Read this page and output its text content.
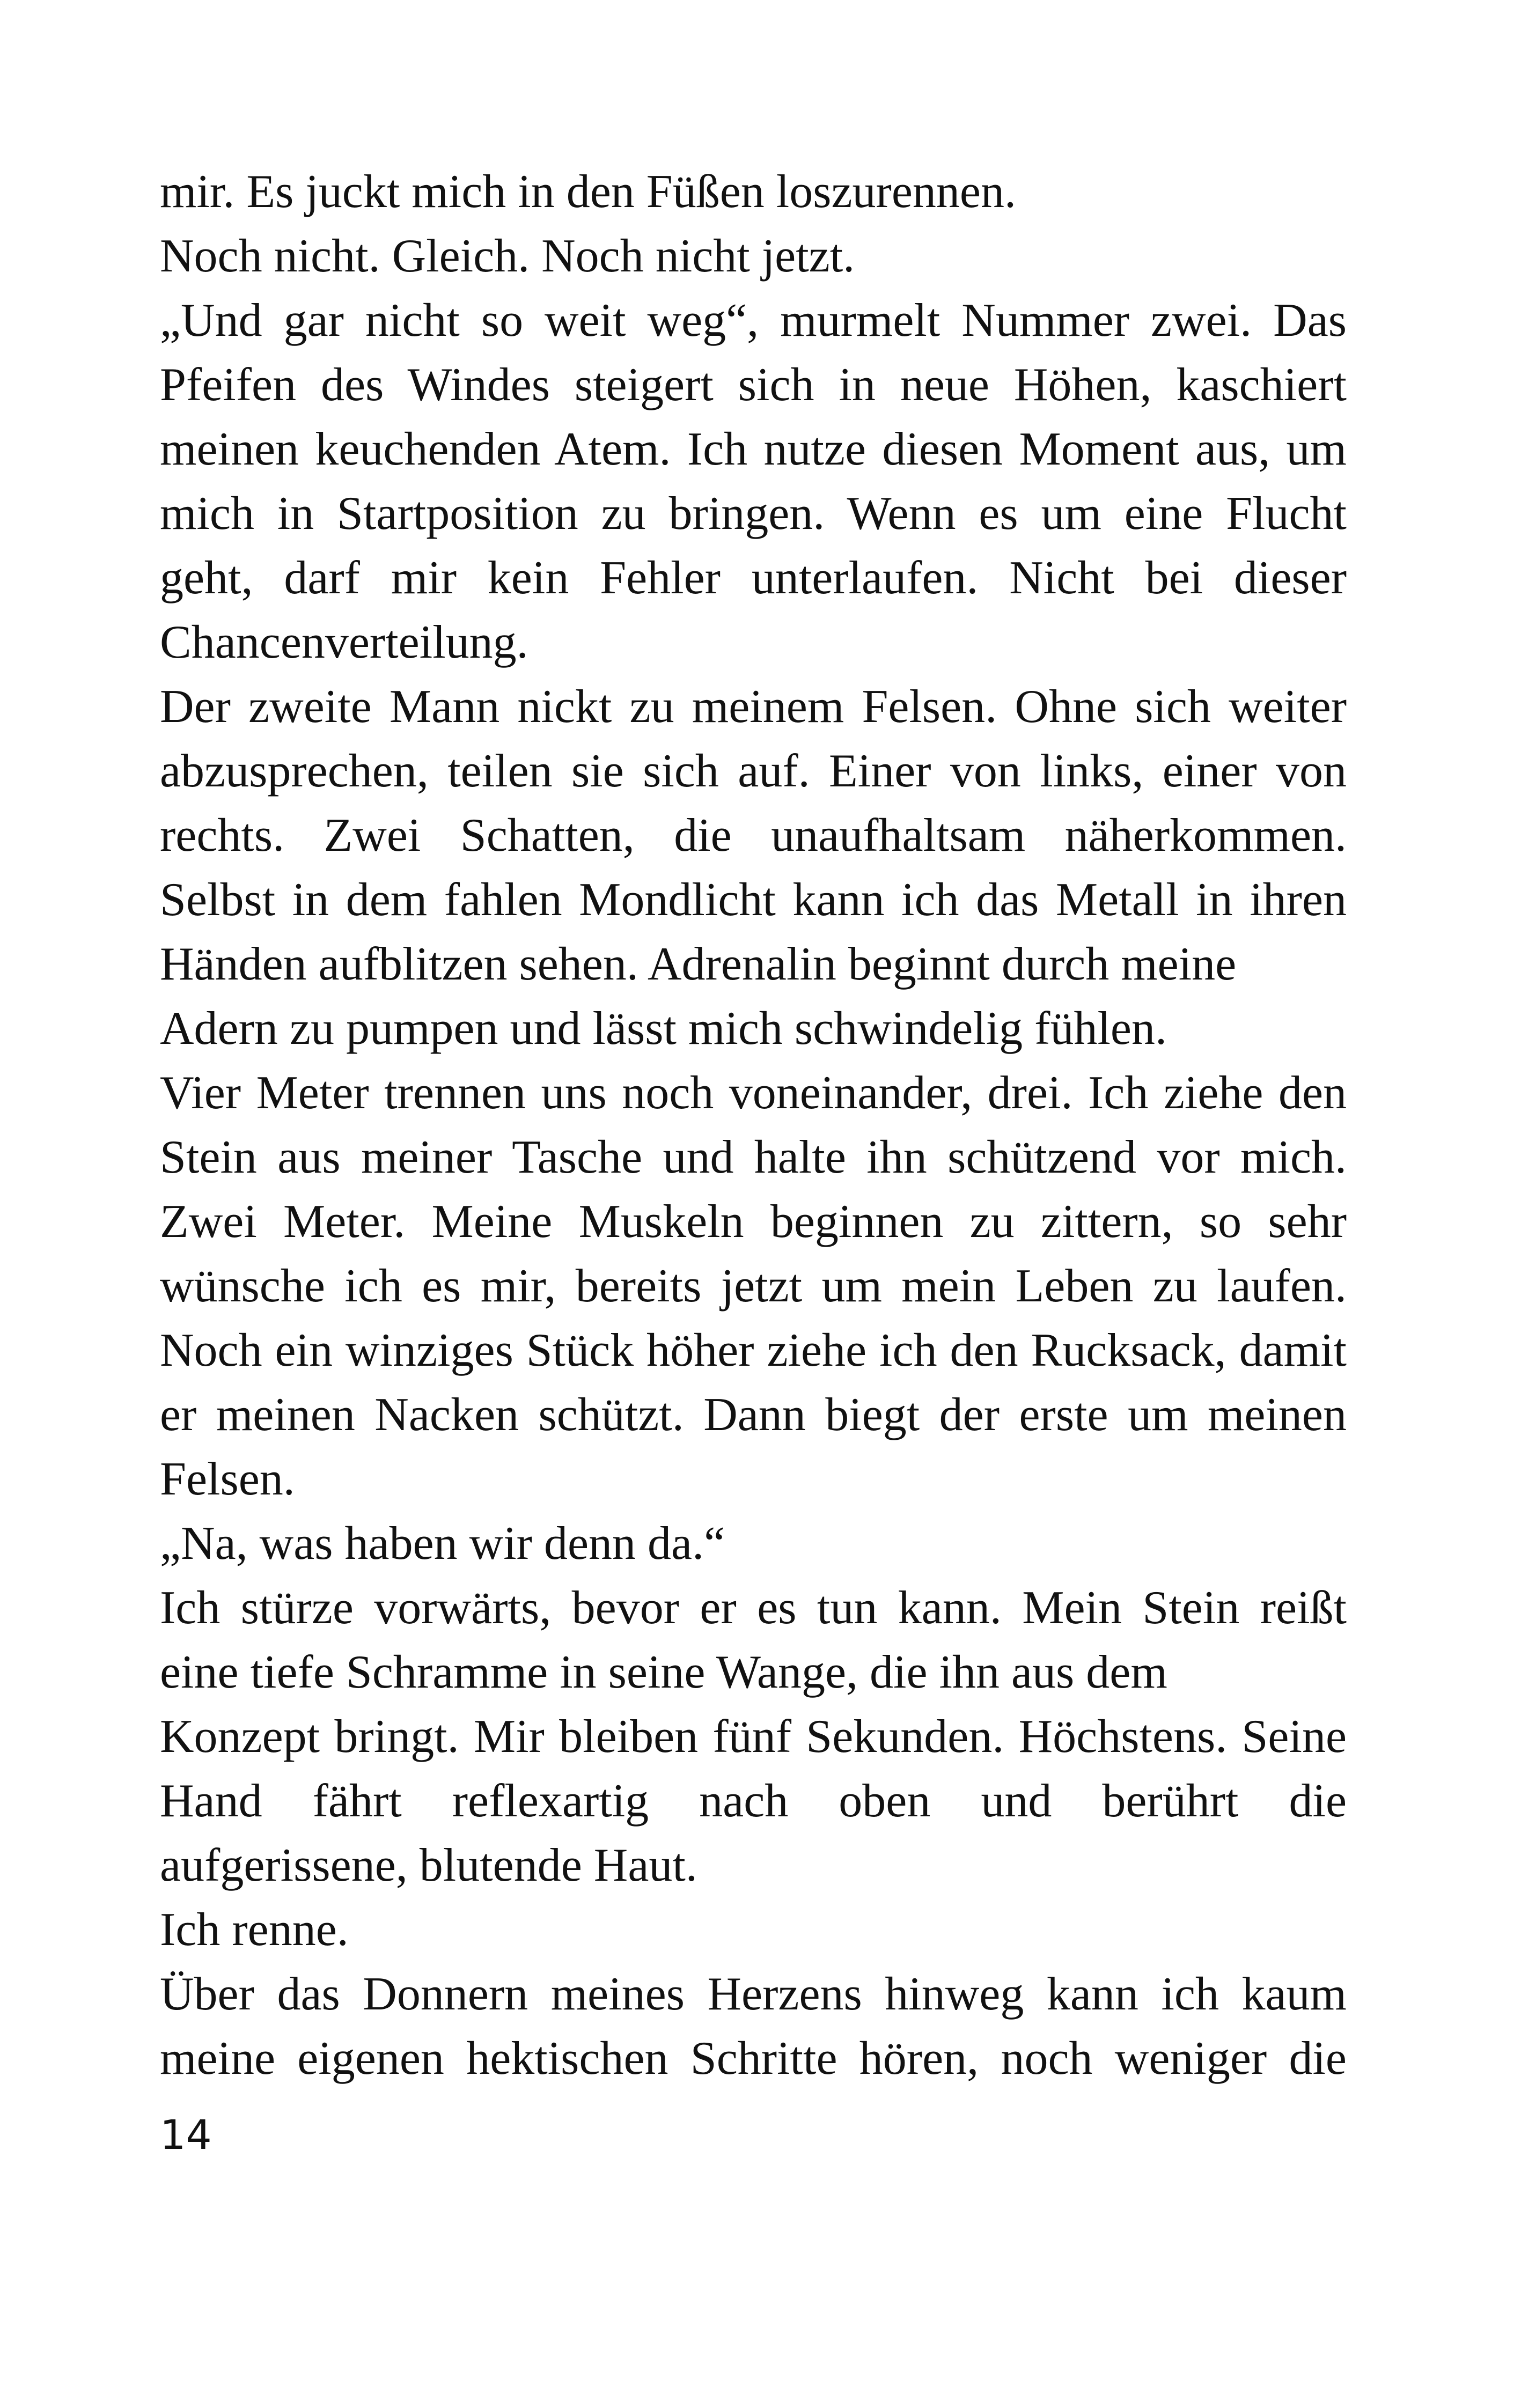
mir. Es juckt mich in den Füßen loszurennen.
Noch nicht. Gleich. Noch nicht jetzt.
„Und gar nicht so weit weg“, murmelt Nummer zwei. Das
Pfeifen des Windes steigert sich in neue Höhen, kaschiert
meinen keuchenden Atem. Ich nutze diesen Moment aus, um
mich in Startposition zu bringen. Wenn es um eine Flucht
geht, darf mir kein Fehler unterlaufen. Nicht bei dieser
Chancenverteilung.
Der zweite Mann nickt zu meinem Felsen. Ohne sich weiter
abzusprechen, teilen sie sich auf. Einer von links, einer von
rechts. Zwei Schatten, die unaufhaltsam näherkommen.
Selbst in dem fahlen Mondlicht kann ich das Metall in ihren
Händen aufblitzen sehen. Adrenalin beginnt durch meine
Adern zu pumpen und lässt mich schwindelig fühlen.
Vier Meter trennen uns noch voneinander, drei. Ich ziehe den
Stein aus meiner Tasche und halte ihn schützend vor mich.
Zwei Meter. Meine Muskeln beginnen zu zittern, so sehr
wünsche ich es mir, bereits jetzt um mein Leben zu laufen.
Noch ein winziges Stück höher ziehe ich den Rucksack, damit
er meinen Nacken schützt. Dann biegt der erste um meinen
Felsen.
„Na, was haben wir denn da.“
Ich stürze vorwärts, bevor er es tun kann. Mein Stein reißt
eine tiefe Schramme in seine Wange, die ihn aus dem
Konzept bringt. Mir bleiben fünf Sekunden. Höchstens. Seine
Hand fährt reflexartig nach oben und berührt die
aufgerissene, blutende Haut.
Ich renne.
Über das Donnern meines Herzens hinweg kann ich kaum
meine eigenen hektischen Schritte hören, noch weniger die
14
